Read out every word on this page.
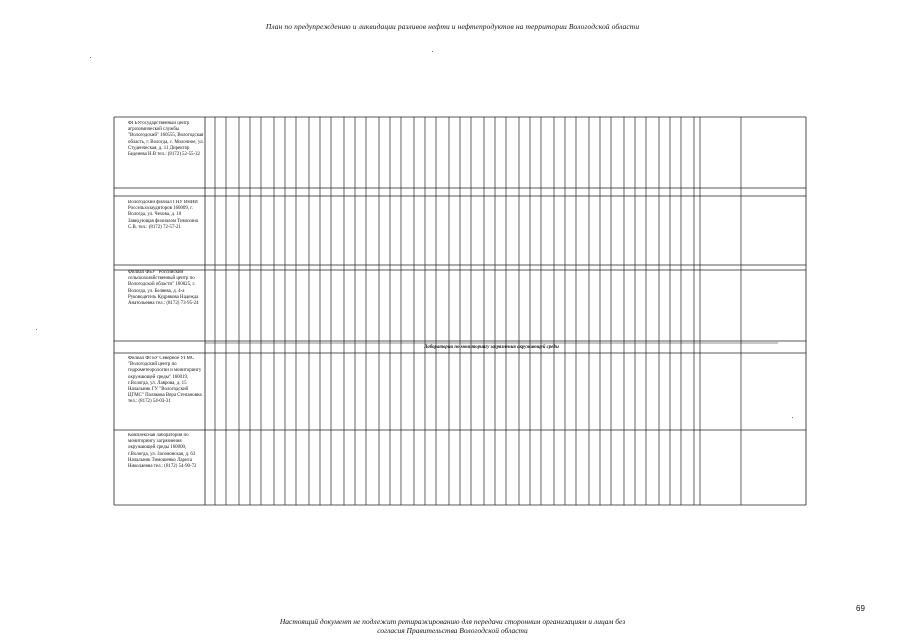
План по предупреждению и ликвидации разливов нефти и нефтепродуктов на территории Вологодской области
ФГБУгосударственный центр агрохимической службы "Вологодский" 160555, Вологодская область, г. Вологда, с. Молочное, ул. Студенческая, д. 11 Директор Беденева Н.В тел.: (8172) 52-55-32
Вологодский филиал ГНУ ВНИИ Россельхозаудиторов 160009, г. Вологда, ул. Чехова, д. 10 Заведующая филиалом Тимохина С.В. тел.: (8172) 72-57-21
Филиал ФБУ "Российский сельскохозяйственный центр по Вологодской области" 160025, г. Вологда, ул. Беляева, д. 4-а Руководитель Кудрякова Надежда Анатольевна тел.: (8172) 73-95-24
Филиал ФГБУ Северное УГМС "Вологодский центр по гидрометеорологии и мониторингу окружающей среды" 160019, г.Вологда, ул. Лаврова, д. 15 Начальник ГУ "Вологодский ЦГМС" Полякова Вера Степановна тел.: (8172) 54-03-31
Комплексная лаборатория по мониторингу загрязнения окружающей среды 160000, г.Вологда, ул. Засомовская, д. 63 Начальник Тимошенко Лариса Николаевна тел.: (8172) 54-90-72
Лаборатории по мониторингу загрязнения окружающей среды
69
Настоящий документ не подлежит ретиражированию для передачи сторонним организациям и лицам без
согласия Правительства Вологодской области
